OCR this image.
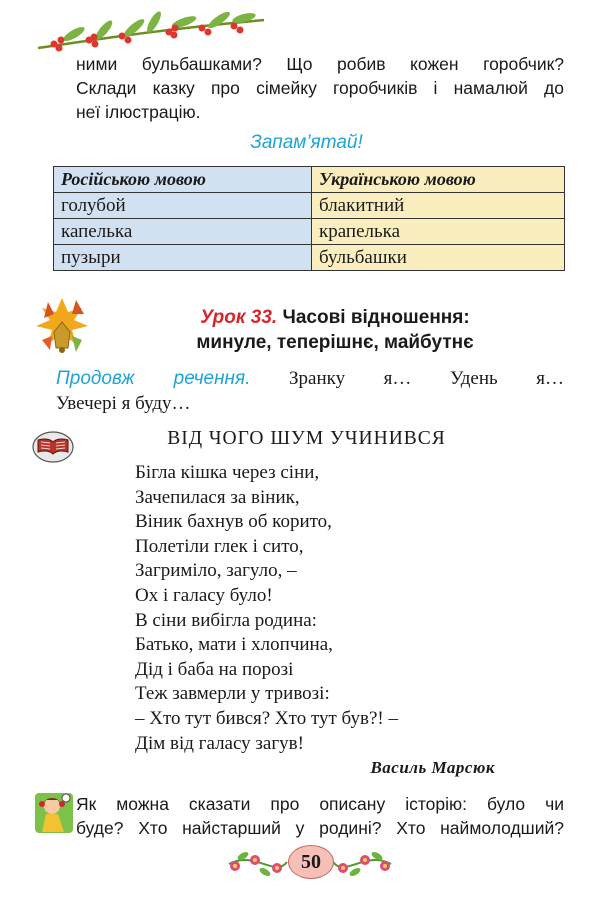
ними бульбашками? Що робив кожен горобчик?
Склади казку про сімейку горобчиків і намалюй до
неї ілюстрацію.
Запам’ятай!
Російською мовою	Українською мовою
голубой	блакитний
капелька	крапелька
пузыри	бульбашки
Урок 33. Часові відношення:
минуле, теперішнє, майбутнє
Продовж речення. Зранку я… Удень я…
Увечері я буду…
ВІД ЧОГО ШУМ УЧИНИВСЯ
Бігла кішка через сіни,
Зачепилася за віник,
Віник бахнув об корито,
Полетіли глек і сито,
Загриміло, загуло, –
Ох і галасу було!
В сіни вибігла родина:
Батько, мати і хлопчина,
Дід і баба на порозі
Теж завмерли у тривозі:
– Хто тут бився? Хто тут був?! –
Дім від галасу загув!
Василь Марсюк
Як можна сказати про описану історію: було чи
буде? Хто найстарший у родині? Хто наймолодший?
50
